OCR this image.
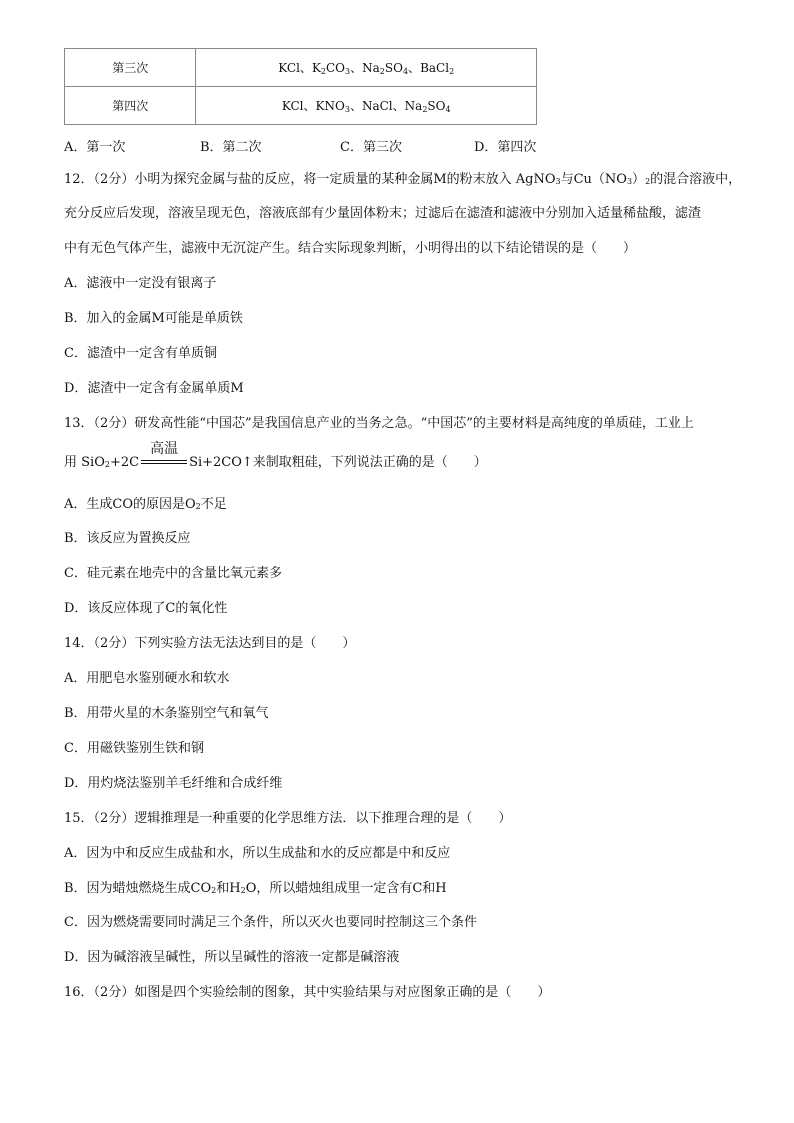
第三次	KCl、$K_2CO_3$、$Na_2SO_4$、BaCl$_2$
第四次	KCl、$KNO_3$、NaCl、$Na_2SO_4$
A．第一次	B．第二次	C．第三次	D．第四次
12．（2分）小明为探究金属与盐的反应，将一定质量的某种金属M的粉末放入 AgNO3与Cu（NO3）2的混合溶液中，
充分反应后发现，溶液呈现无色，溶液底部有少量固体粉末；过滤后在滤渣和滤液中分别加入适量稀盐酸，滤渣
中有无色气体产生，滤液中无沉淀产生。结合实际现象判断，小明得出的以下结论错误的是（　　）
A．滤液中一定没有银离子
B．加入的金属M可能是单质铁
C．滤渣中一定含有单质铜
D．滤渣中一定含有金属单质M
13．（2分）研发高性能“中国芯”是我国信息产业的当务之急。“中国芯”的主要材料是高纯度的单质硅，工业上
用 SiO2+2C
高温
Si+2CO↑来制取粗硅，下列说法正确的是（　　）
A．生成CO的原因是O2不足
B．该反应为置换反应
C．硅元素在地壳中的含量比氧元素多
D．该反应体现了C的氧化性
14．（2分）下列实验方法无法达到目的是（　　）
A．用肥皂水鉴别硬水和软水
B．用带火星的木条鉴别空气和氧气
C．用磁铁鉴别生铁和钢
D．用灼烧法鉴别羊毛纤维和合成纤维
15．（2分）逻辑推理是一种重要的化学思维方法．以下推理合理的是（　　）
A．因为中和反应生成盐和水，所以生成盐和水的反应都是中和反应
B．因为蜡烛燃烧生成CO2和H2O，所以蜡烛组成里一定含有C和H
C．因为燃烧需要同时满足三个条件，所以灭火也要同时控制这三个条件
D．因为碱溶液呈碱性，所以呈碱性的溶液一定都是碱溶液
16．（2分）如图是四个实验绘制的图象，其中实验结果与对应图象正确的是（　　）
